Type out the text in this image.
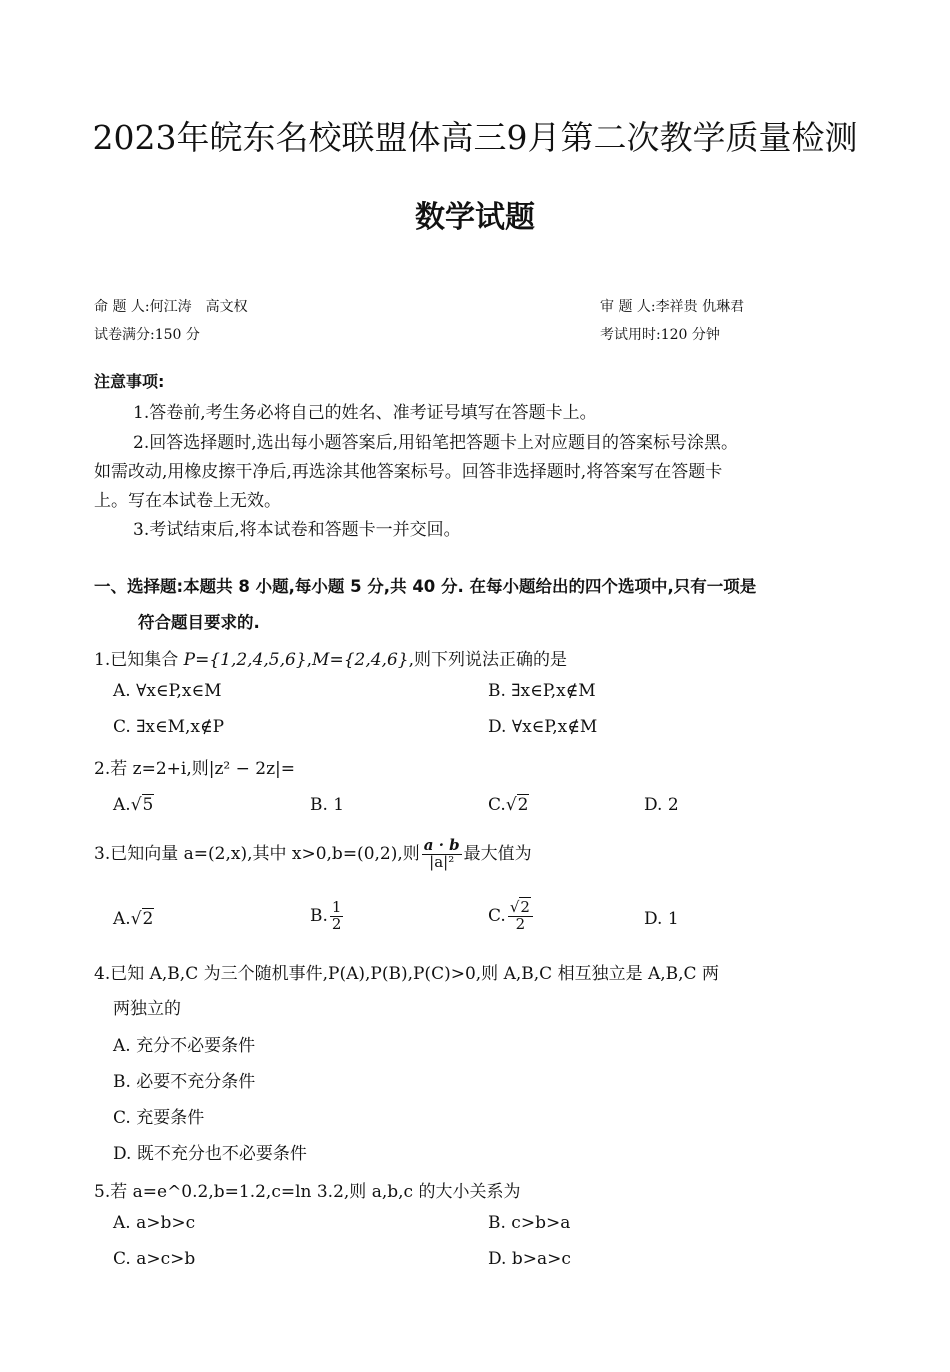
2023年皖东名校联盟体高三9月第二次教学质量检测
数学试题
命 题 人:何江涛　高文权	审 题 人:李祥贵 仇琳君
试卷满分:150 分	考试用时:120 分钟
注意事项:
1.答卷前,考生务必将自己的姓名、准考证号填写在答题卡上。
2.回答选择题时,选出每小题答案后,用铅笔把答题卡上对应题目的答案标号涂黑。
如需改动,用橡皮擦干净后,再选涂其他答案标号。回答非选择题时,将答案写在答题卡
上。写在本试卷上无效。
3.考试结束后,将本试卷和答题卡一并交回。
一、选择题:本题共 8 小题,每小题 5 分,共 40 分. 在每小题给出的四个选项中,只有一项是
符合题目要求的.
1.已知集合 P={1,2,4,5,6},M={2,4,6},则下列说法正确的是
A. ∀x∈P,x∈M	B. ∃x∈P,x∉M
C. ∃x∈M,x∉P	D. ∀x∈P,x∉M
2.若 z=2+i,则|z² − 2z|=
A.√5	B. 1	C.√2	D. 2
3.已知向量 a=(2,x),其中 x>0,b=(0,2),则 $\frac{a \cdot b}{\text{|a|²}}$ 最大值为
A.√2	B. $\frac{1}{2}$	C. $\frac{√2}{2}$	D. 1
4.已知 A,B,C 为三个随机事件,P(A),P(B),P(C)>0,则 A,B,C 相互独立是 A,B,C 两
两独立的
A. 充分不必要条件
B. 必要不充分条件
C. 充要条件
D. 既不充分也不必要条件
5.若 a=e^0.2,b=1.2,c=ln 3.2,则 a,b,c 的大小关系为
A. a>b>c	B. c>b>a
C. a>c>b	D. b>a>c
